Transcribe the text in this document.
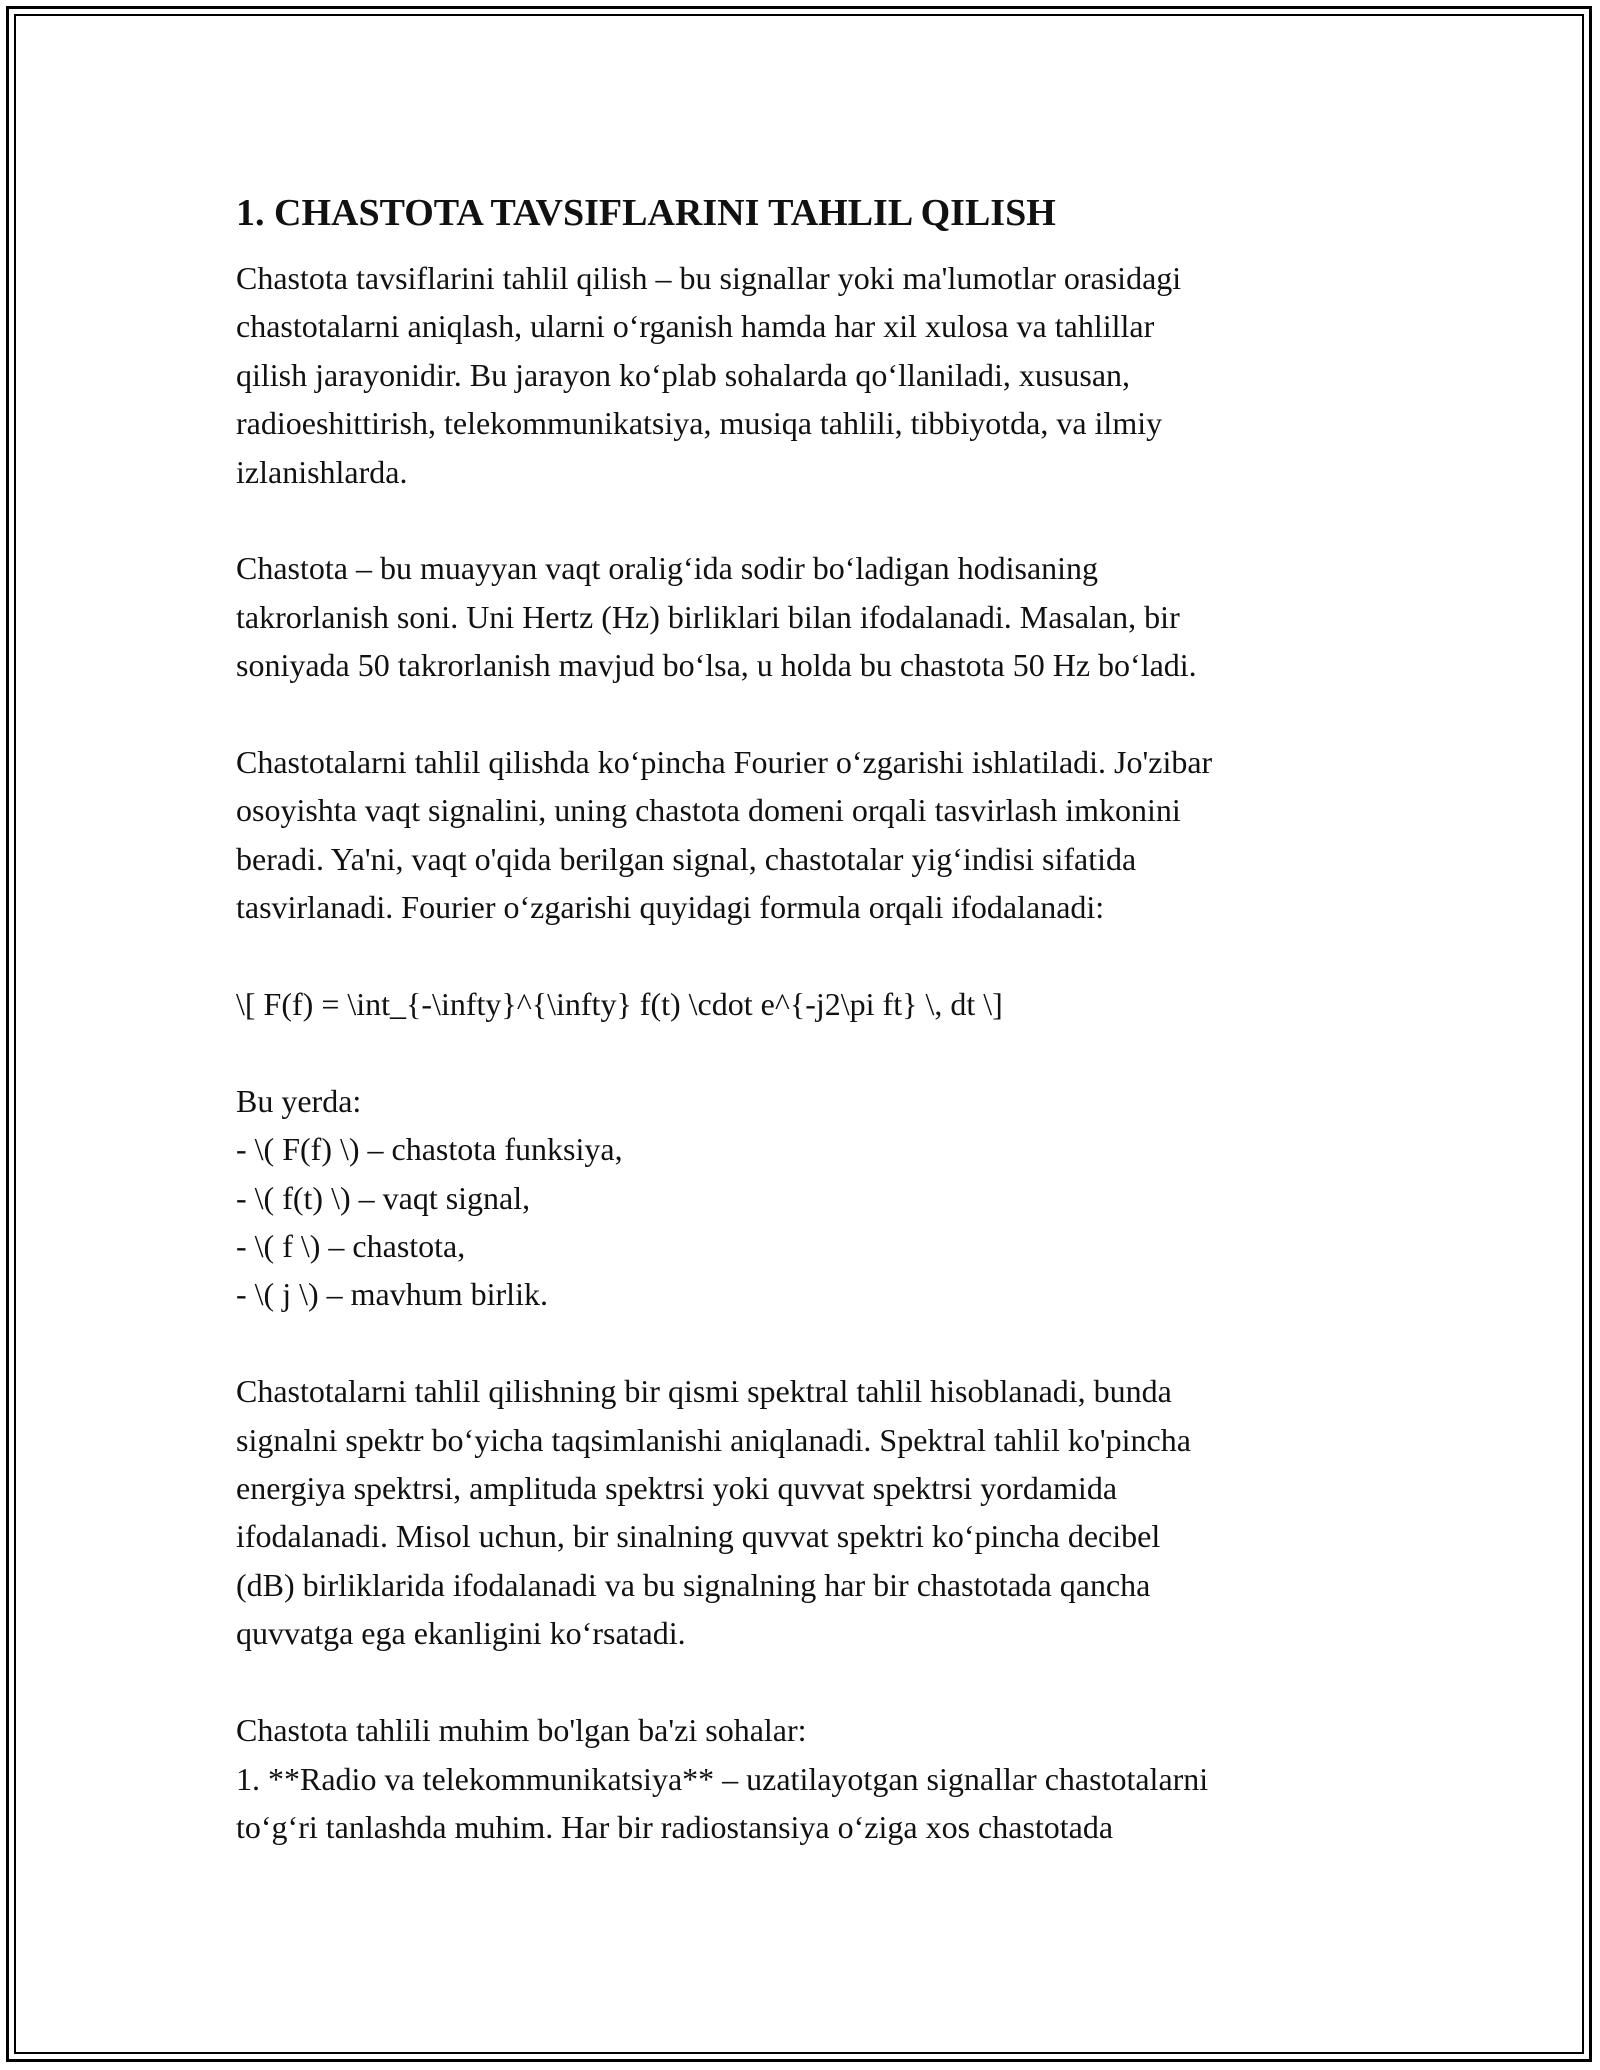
1. CHASTOTA TAVSIFLARINI TAHLIL QILISH

Chastota tavsiflarini tahlil qilish – bu signallar yoki ma'lumotlar orasidagi
chastotalarni aniqlash, ularni o‘rganish hamda har xil xulosa va tahlillar
qilish jarayonidir. Bu jarayon ko‘plab sohalarda qo‘llaniladi, xususan,
radioeshittirish, telekommunikatsiya, musiqa tahlili, tibbiyotda, va ilmiy
izlanishlarda.

Chastota – bu muayyan vaqt oralig‘ida sodir bo‘ladigan hodisaning
takrorlanish soni. Uni Hertz (Hz) birliklari bilan ifodalanadi. Masalan, bir
soniyada 50 takrorlanish mavjud bo‘lsa, u holda bu chastota 50 Hz bo‘ladi.

Chastotalarni tahlil qilishda ko‘pincha Fourier o‘zgarishi ishlatiladi. Jo'zibar
osoyishta vaqt signalini, uning chastota domeni orqali tasvirlash imkonini
beradi. Ya'ni, vaqt o'qida berilgan signal, chastotalar yig‘indisi sifatida
tasvirlanadi. Fourier o‘zgarishi quyidagi formula orqali ifodalanadi:

\[ F(f) = \int_{-\infty}^{\infty} f(t) \cdot e^{-j2\pi ft} \, dt \]

Bu yerda:
- \( F(f) \) – chastota funksiya,
- \( f(t) \) – vaqt signal,
- \( f \) – chastota,
- \( j \) – mavhum birlik.

Chastotalarni tahlil qilishning bir qismi spektral tahlil hisoblanadi, bunda
signalni spektr bo‘yicha taqsimlanishi aniqlanadi. Spektral tahlil ko'pincha
energiya spektrsi, amplituda spektrsi yoki quvvat spektrsi yordamida
ifodalanadi. Misol uchun, bir sinalning quvvat spektri ko‘pincha decibel
(dB) birliklarida ifodalanadi va bu signalning har bir chastotada qancha
quvvatga ega ekanligini ko‘rsatadi.

Chastota tahlili muhim bo'lgan ba'zi sohalar:
1. **Radio va telekommunikatsiya** – uzatilayotgan signallar chastotalarni
to‘g‘ri tanlashda muhim. Har bir radiostansiya o‘ziga xos chastotada
